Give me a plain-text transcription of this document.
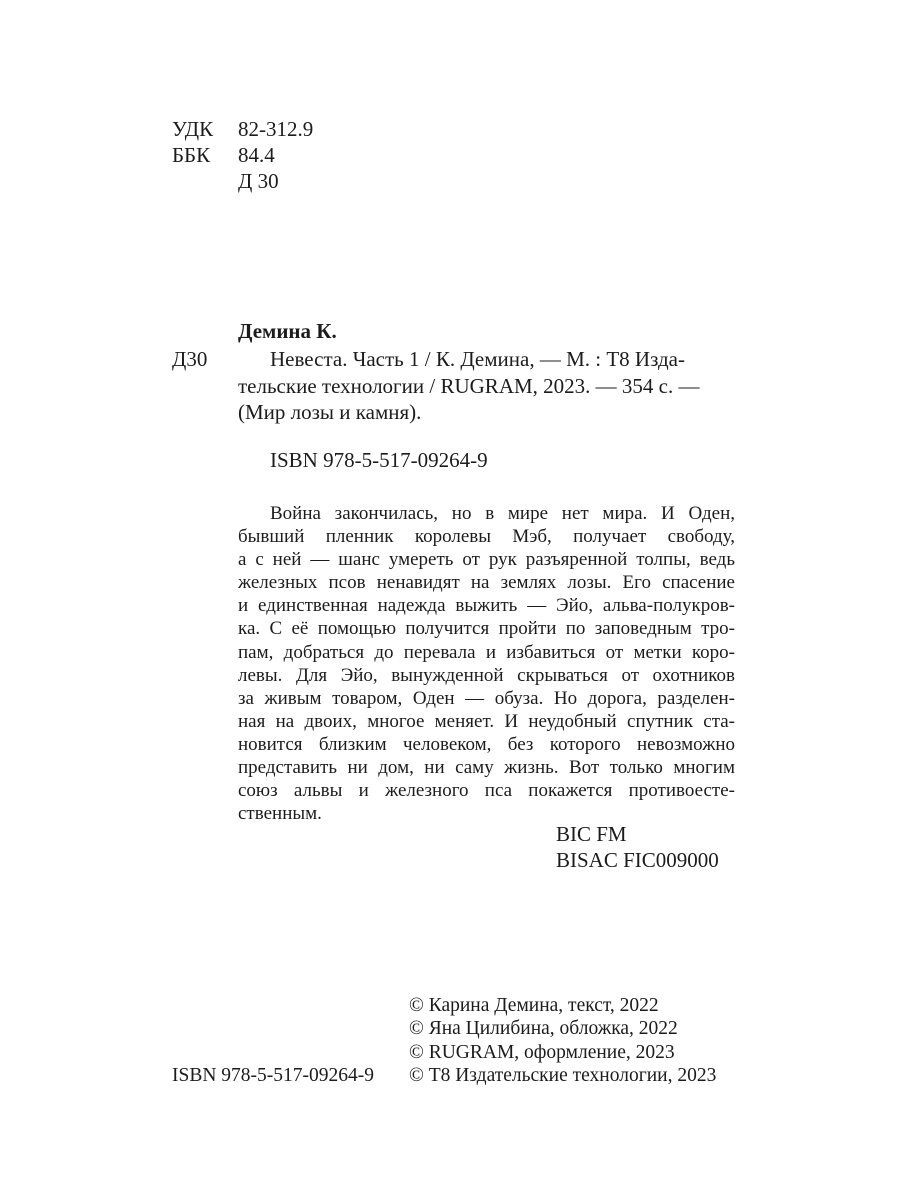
УДК 82-312.9
ББК 84.4
Д 30
Демина К.
Д30	Невеста. Часть 1 / К. Демина, — М. : Т8 Изда-
тельские технологии / RUGRAM, 2023. — 354 с. —
(Мир лозы и камня).
ISBN 978-5-517-09264-9
Война закончилась, но в мире нет мира. И Оден,
бывший пленник королевы Мэб, получает свободу,
а с ней — шанс умереть от рук разъяренной толпы, ведь
железных псов ненавидят на землях лозы. Его спасение
и единственная надежда выжить — Эйо, альва-полукров-
ка. С её помощью получится пройти по заповедным тро-
пам, добраться до перевала и избавиться от метки коро-
левы. Для Эйо, вынужденной скрываться от охотников
за живым товаром, Оден — обуза. Но дорога, разделен-
ная на двоих, многое меняет. И неудобный спутник ста-
новится близким человеком, без которого невозможно
представить ни дом, ни саму жизнь. Вот только многим
союз альвы и железного пса покажется противоесте-
ственным.
BIC FM
BISAC FIC009000
© Карина Демина, текст, 2022
© Яна Цилибина, обложка, 2022
© RUGRAM, оформление, 2023
© Т8 Издательские технологии, 2023
ISBN 978-5-517-09264-9
